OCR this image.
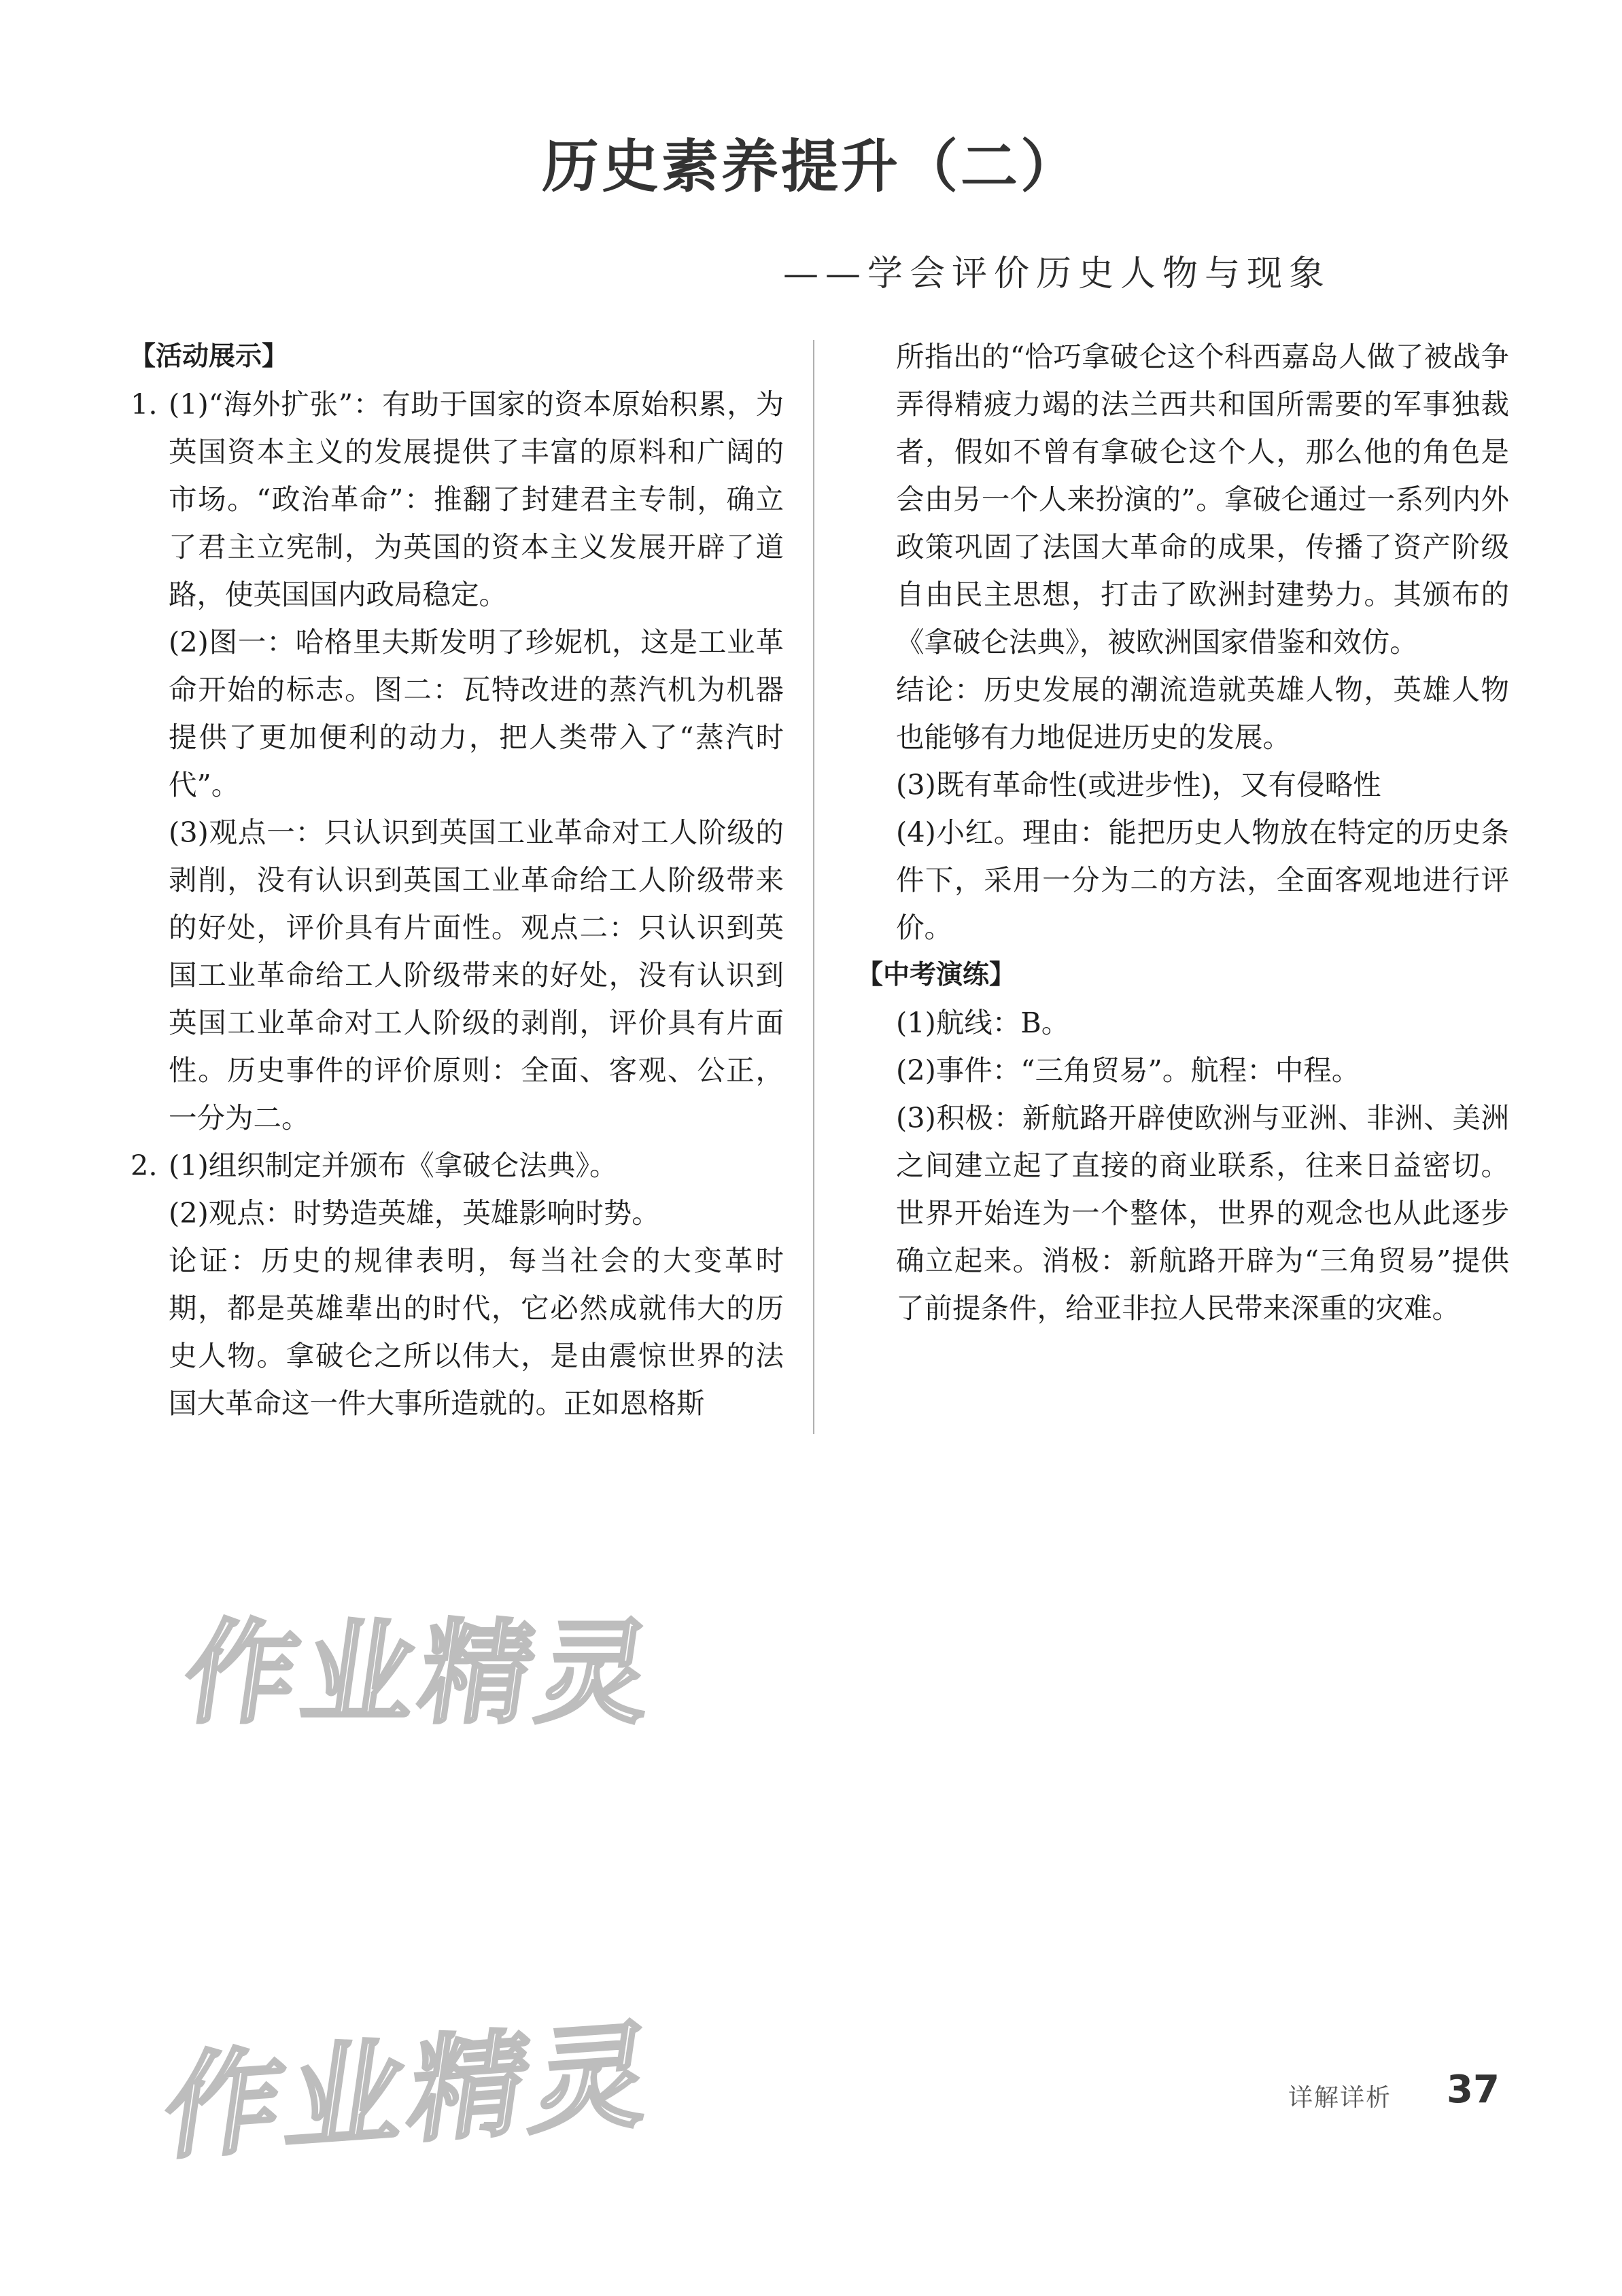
历史素养提升（二）
——学会评价历史人物与现象
【活动展示】
1. (1)“海外扩张”：有助于国家的资本原始积累，为英国资本主义的发展提供了丰富的原料和广阔的市场。“政治革命”：推翻了封建君主专制，确立了君主立宪制，为英国的资本主义发展开辟了道路，使英国国内政局稳定。
(2)图一：哈格里夫斯发明了珍妮机，这是工业革命开始的标志。图二：瓦特改进的蒸汽机为机器提供了更加便利的动力，把人类带入了“蒸汽时代”。
(3)观点一：只认识到英国工业革命对工人阶级的剥削，没有认识到英国工业革命给工人阶级带来的好处，评价具有片面性。观点二：只认识到英国工业革命给工人阶级带来的好处，没有认识到英国工业革命对工人阶级的剥削，评价具有片面性。历史事件的评价原则：全面、客观、公正，一分为二。
2. (1)组织制定并颁布《拿破仑法典》。
(2)观点：时势造英雄，英雄影响时势。
论证：历史的规律表明，每当社会的大变革时期，都是英雄辈出的时代，它必然成就伟大的历史人物。拿破仑之所以伟大，是由震惊世界的法国大革命这一件大事所造就的。正如恩格斯
所指出的“恰巧拿破仑这个科西嘉岛人做了被战争弄得精疲力竭的法兰西共和国所需要的军事独裁者，假如不曾有拿破仑这个人，那么他的角色是会由另一个人来扮演的”。拿破仑通过一系列内外政策巩固了法国大革命的成果，传播了资产阶级自由民主思想，打击了欧洲封建势力。其颁布的《拿破仑法典》，被欧洲国家借鉴和效仿。
结论：历史发展的潮流造就英雄人物，英雄人物也能够有力地促进历史的发展。
(3)既有革命性(或进步性)，又有侵略性
(4)小红。理由：能把历史人物放在特定的历史条件下，采用一分为二的方法，全面客观地进行评价。
【中考演练】
(1)航线：B。
(2)事件：“三角贸易”。航程：中程。
(3)积极：新航路开辟使欧洲与亚洲、非洲、美洲之间建立起了直接的商业联系，往来日益密切。世界开始连为一个整体，世界的观念也从此逐步确立起来。消极：新航路开辟为“三角贸易”提供了前提条件，给亚非拉人民带来深重的灾难。
作业精灵
作业精灵	详解详析 37
